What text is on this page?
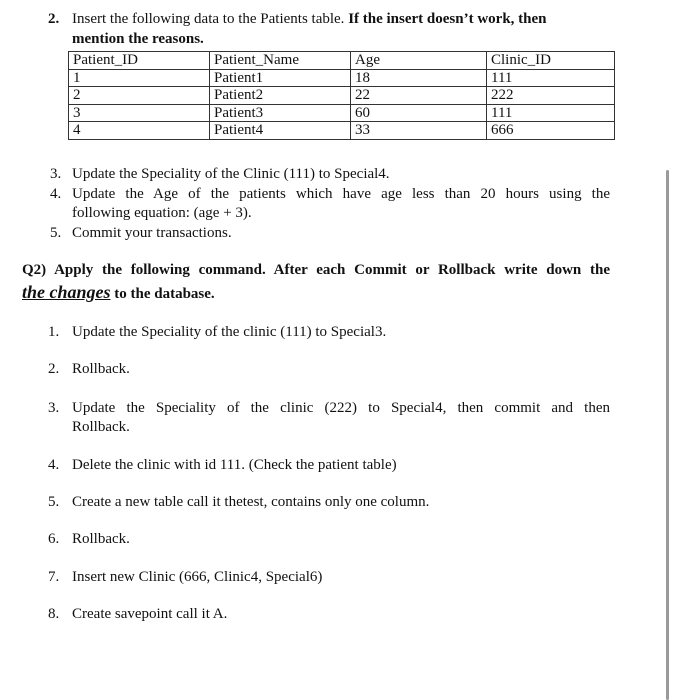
2. Insert the following data to the Patients table. If the insert doesn’t work, then
mention the reasons.
Patient_ID	Patient_Name	Age	Clinic_ID
1	Patient1	18	111
2	Patient2	22	222
3	Patient3	60	111
4	Patient4	33	666
3. Update the Speciality of the Clinic (111) to Special4.
4. Update the Age of the patients which have age less than 20 hours using the
following equation: (age + 3).
5. Commit your transactions.
Q2) Apply the following command. After each Commit or Rollback write down the
the changes to the database.
1. Update the Speciality of the clinic (111) to Special3.
2. Rollback.
3. Update the Speciality of the clinic (222) to Special4, then commit and then
Rollback.
4. Delete the clinic with id 111. (Check the patient table)
5. Create a new table call it thetest, contains only one column.
6. Rollback.
7. Insert new Clinic (666, Clinic4, Special6)
8. Create savepoint call it A.
